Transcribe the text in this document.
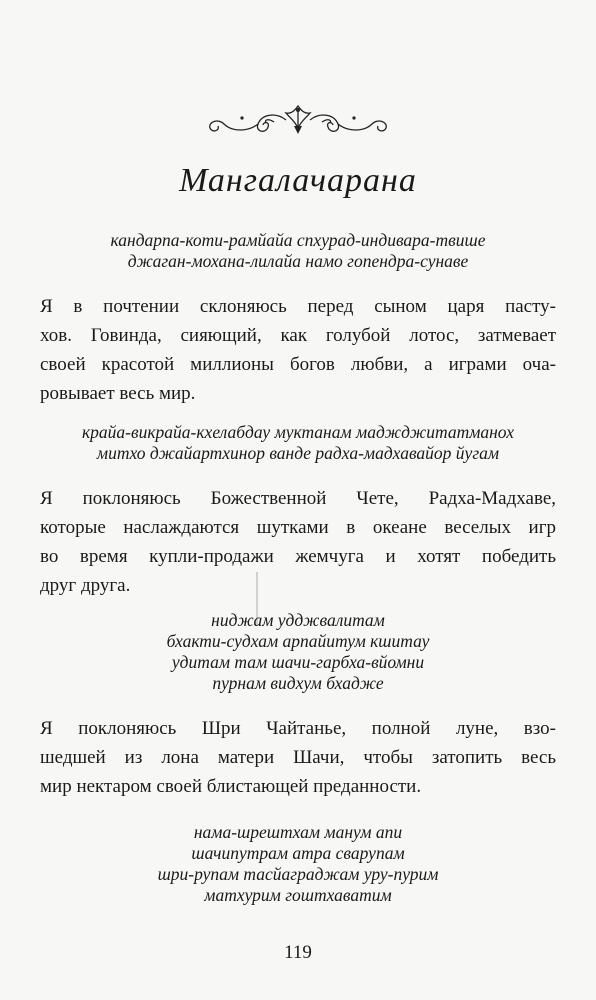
Мангалачарана
кандарпа-коти-рамйайа спхурад-индивара-твише
джаган-мохана-лилайа намо гопендра-сунаве
Я в почтении склоняюсь перед сыном царя пасту-
хов. Говинда, сияющий, как голубой лотос, затмевает
своей красотой миллионы богов любви, а играми оча-
ровывает весь мир.
крайа-викрайа-кхелабдау муктанам маджджитатманох
митхо джайартхинор ванде радха-мадхавайор йугам
Я поклоняюсь Божественной Чете, Радха-Мадхаве,
которые наслаждаются шутками в океане веселых игр
во время купли-продажи жемчуга и хотят победить
друг друга.
ниджам удджвалитам
бхакти-судхам арпайитум кшитау
удитам там шачи-гарбха-вйомни
пурнам видхум бхадже
Я поклоняюсь Шри Чайтанье, полной луне, взо-
шедшей из лона матери Шачи, чтобы затопить весь
мир нектаром своей блистающей преданности.
нама-шрештхам манум апи
шачипутрам атра сварупам
шри-рупам тасйаграджам уру-пурим
матхурим гоштхаватим
119
